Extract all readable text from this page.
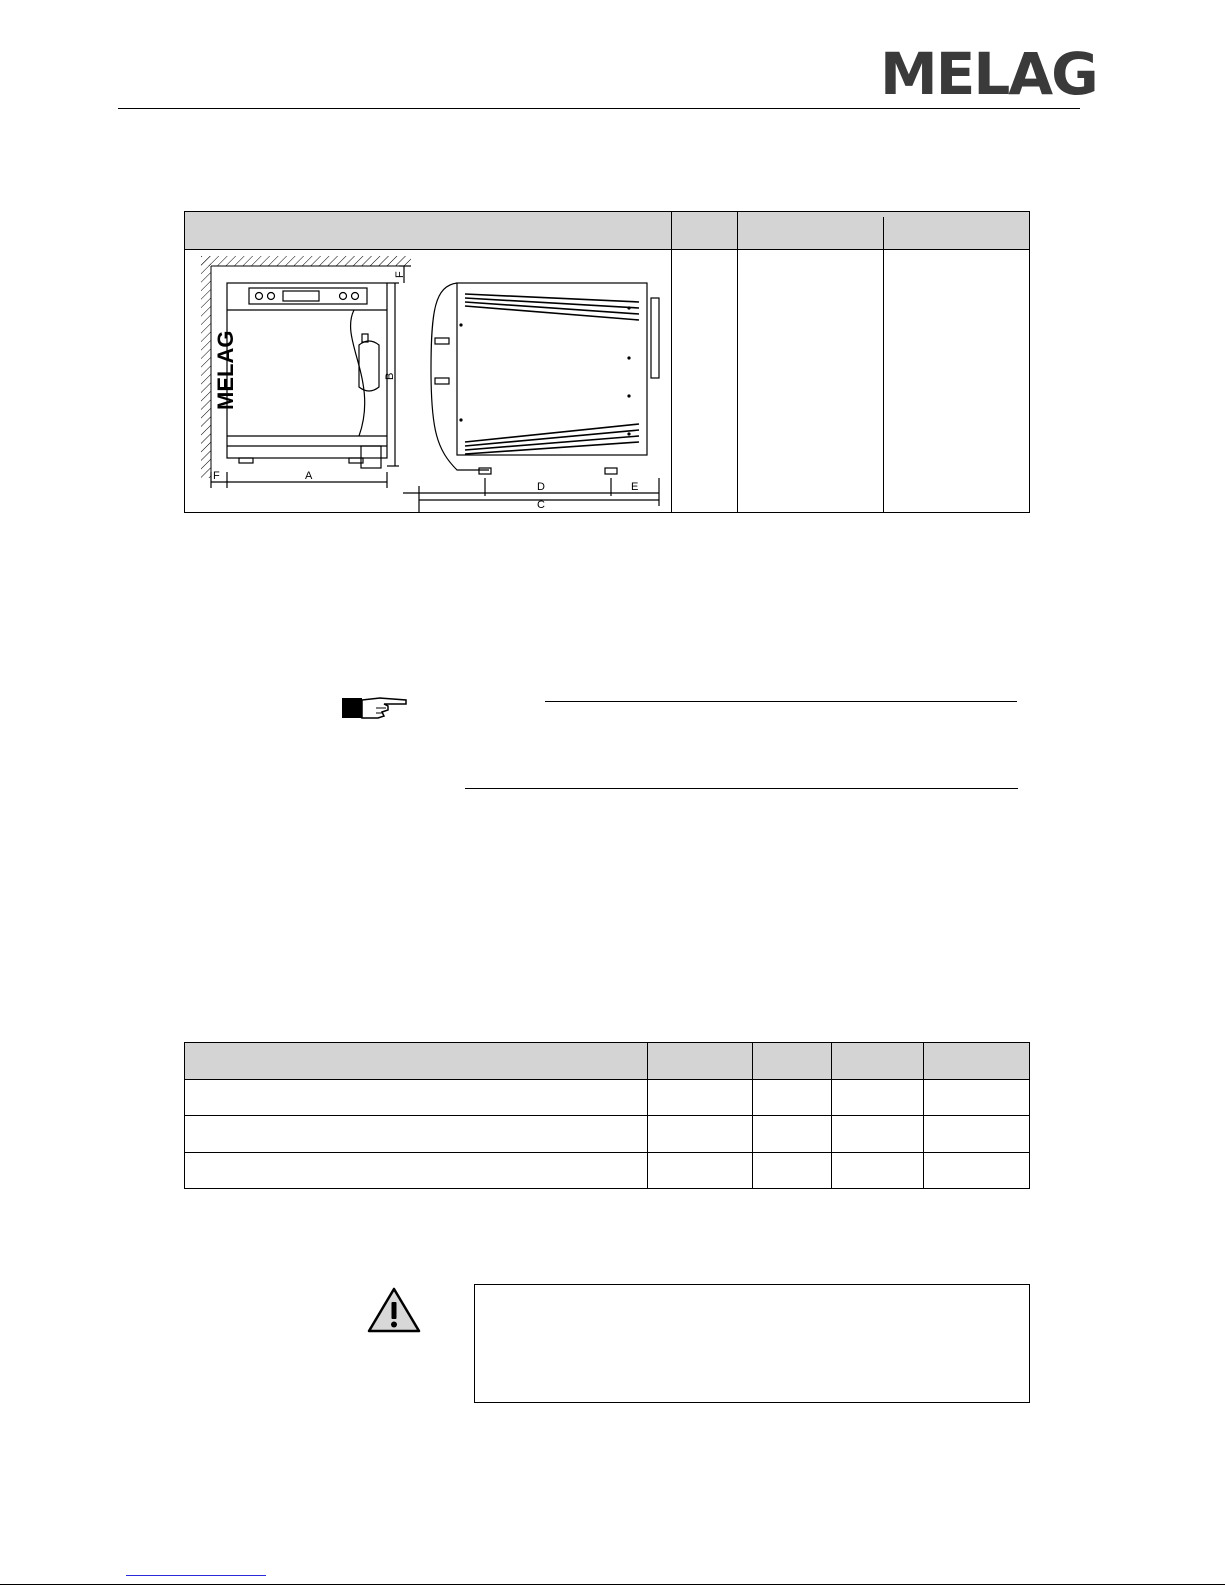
MELAG
MELAG
A
B
F
F
D	E
C
